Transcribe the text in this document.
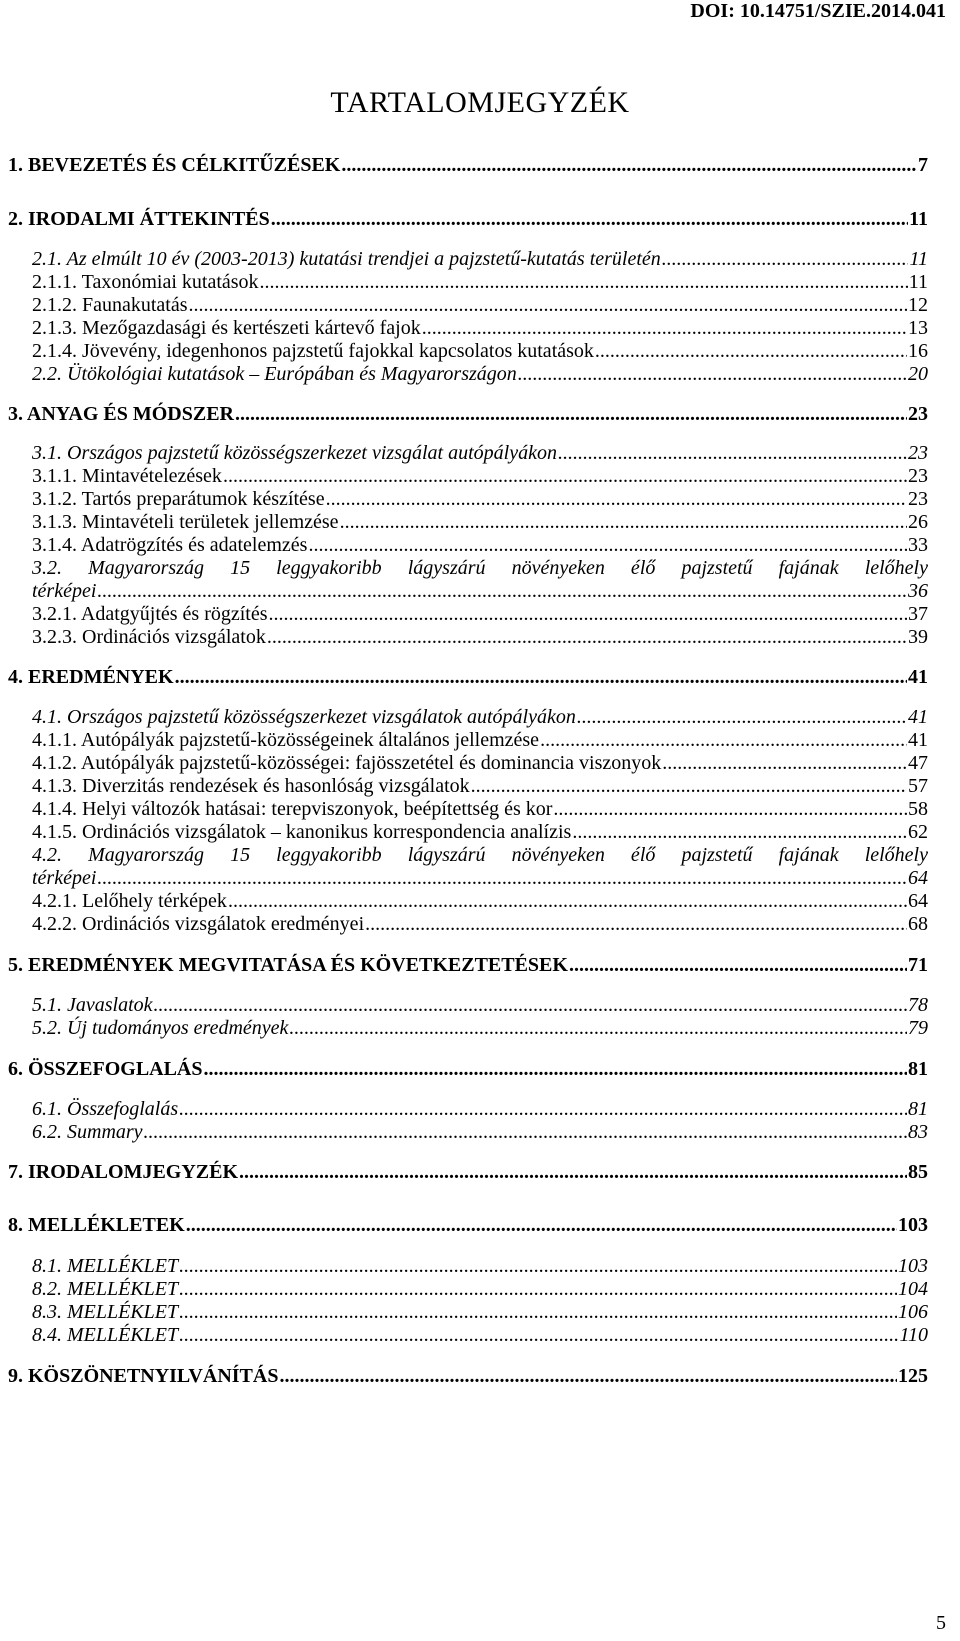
DOI: 10.14751/SZIE.2014.041
TARTALOMJEGYZÉK
1. BEVEZETÉS ÉS CÉLKITŰZÉSEK .....	7
2. IRODALMI ÁTTEKINTÉS .....	11
2.1. Az elmúlt 10 év (2003-2013) kutatási trendjei a pajzstetű-kutatás területén .....	11
2.1.1. Taxonómiai kutatások .....	11
2.1.2. Faunakutatás .....	12
2.1.3. Mezőgazdasági és kertészeti kártevő fajok .....	13
2.1.4. Jövevény, idegenhonos pajzstetű fajokkal kapcsolatos kutatások .....	16
2.2. Ütökológiai kutatások – Európában és Magyarországon .....	20
3. ANYAG ÉS MÓDSZER .....	23
3.1. Országos pajzstetű közösségszerkezet vizsgálat autópályákon .....	23
3.1.1. Mintavételezések .....	23
3.1.2. Tartós preparátumok készítése .....	23
3.1.3. Mintavételi területek jellemzése .....	26
3.1.4. Adatrögzítés és adatelemzés .....	33
3.2. Magyarország 15 leggyakoribb lágyszárú növényeken élő pajzstetű fajának lelőhely
térképei .....	36
3.2.1. Adatgyűjtés és rögzítés .....	37
3.2.3. Ordinációs vizsgálatok .....	39
4. EREDMÉNYEK .....	41
4.1. Országos pajzstetű közösségszerkezet vizsgálatok autópályákon .....	41
4.1.1. Autópályák pajzstetű-közösségeinek általános jellemzése .....	41
4.1.2. Autópályák pajzstetű-közösségei: fajösszetétel és dominancia viszonyok .....	47
4.1.3. Diverzitás rendezések és hasonlóság vizsgálatok .....	57
4.1.4. Helyi változók hatásai: terepviszonyok, beépítettség és kor .....	58
4.1.5. Ordinációs vizsgálatok – kanonikus korrespondencia analízis .....	62
4.2. Magyarország 15 leggyakoribb lágyszárú növényeken élő pajzstetű fajának lelőhely
térképei .....	64
4.2.1. Lelőhely térképek .....	64
4.2.2. Ordinációs vizsgálatok eredményei .....	68
5. EREDMÉNYEK MEGVITATÁSA ÉS KÖVETKEZTETÉSEK .....	71
5.1. Javaslatok .....	78
5.2. Új tudományos eredmények .....	79
6. ÖSSZEFOGLALÁS .....	81
6.1. Összefoglalás .....	81
6.2. Summary .....	83
7. IRODALOMJEGYZÉK .....	85
8. MELLÉKLETEK .....	103
8.1. MELLÉKLET .....	103
8.2. MELLÉKLET .....	104
8.3. MELLÉKLET .....	106
8.4. MELLÉKLET .....	110
9. KÖSZÖNETNYILVÁNÍTÁS .....	125
5
